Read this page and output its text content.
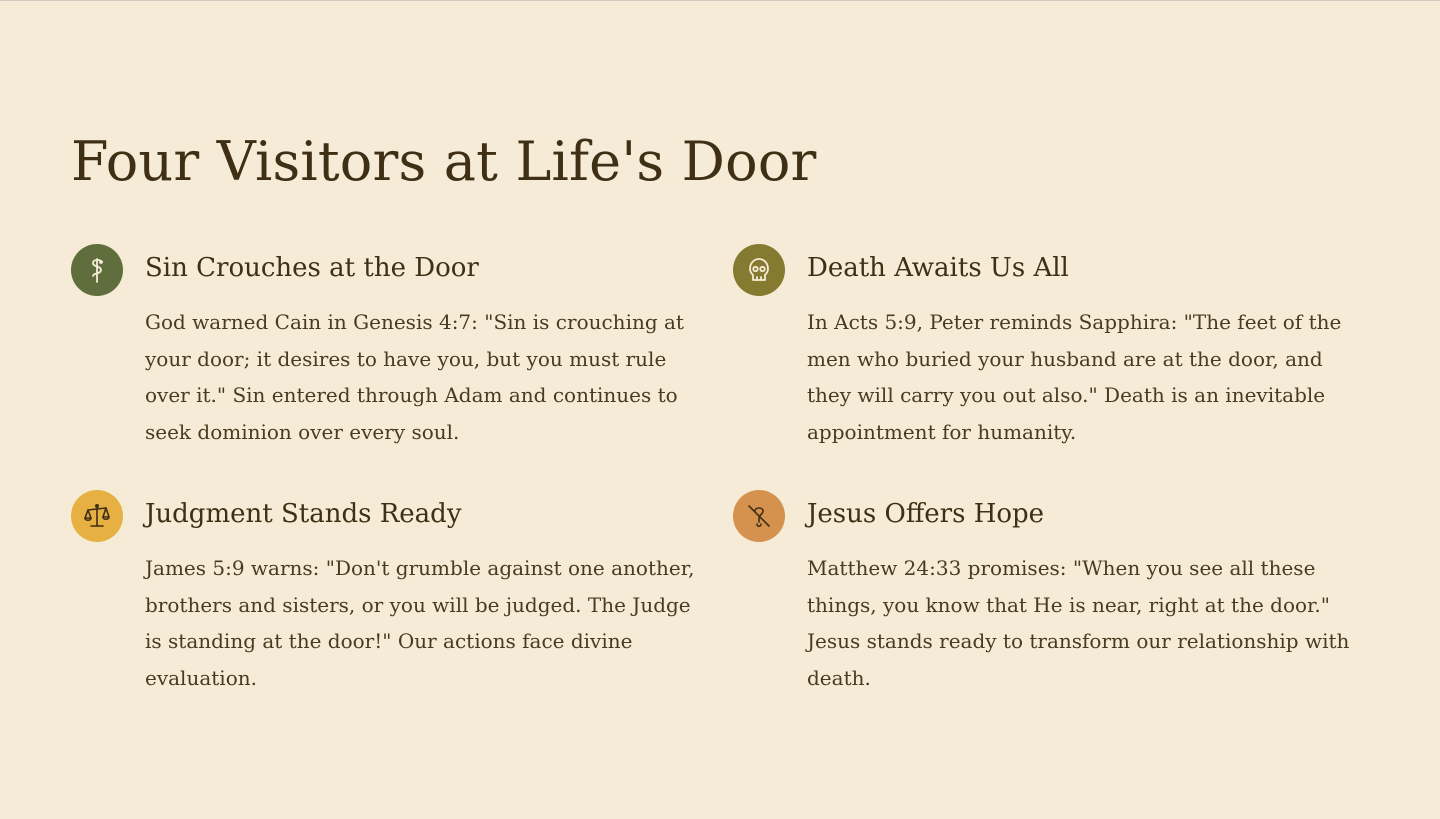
Four Visitors at Life's Door
Sin Crouches at the Door

God warned Cain in Genesis 4:7: "Sin is crouching at your door; it desires to have you, but you must rule over it." Sin entered through Adam and continues to seek dominion over every soul.

Death Awaits Us All

In Acts 5:9, Peter reminds Sapphira: "The feet of the men who buried your husband are at the door, and they will carry you out also." Death is an inevitable appointment for humanity.

Judgment Stands Ready

James 5:9 warns: "Don't grumble against one another, brothers and sisters, or you will be judged. The Judge is standing at the door!" Our actions face divine evaluation.

Jesus Offers Hope

Matthew 24:33 promises: "When you see all these things, you know that He is near, right at the door." Jesus stands ready to transform our relationship with death.
